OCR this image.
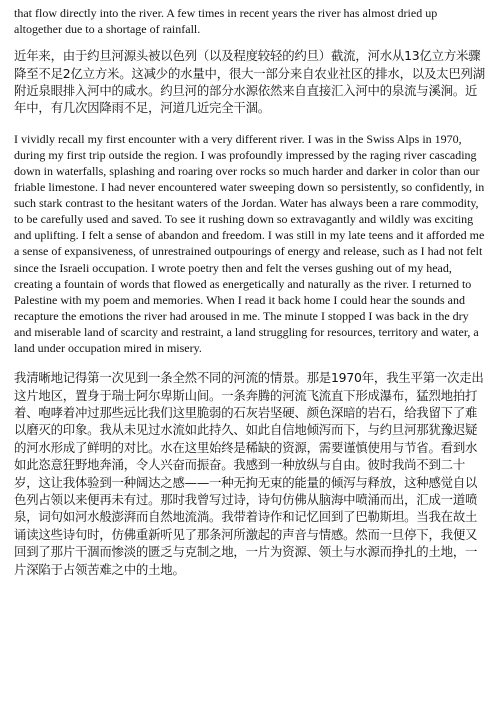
that flow directly into the river. A few times in recent years the river has almost dried up altogether due to a shortage of rainfall.

近年来，由于约旦河源头被以色列（以及程度较轻的约旦）截流，河水从13亿立方米骤降至不足2亿立方米。这减少的水量中，很大一部分来自农业社区的排水，以及太巴列湖附近泉眼排入河中的咸水。约旦河的部分水源依然来自直接汇入河中的泉流与溪涧。近年中，有几次因降雨不足，河道几近完全干涸。

I vividly recall my first encounter with a very different river. I was in the Swiss Alps in 1970, during my first trip outside the region. I was profoundly impressed by the raging river cascading down in waterfalls, splashing and roaring over rocks so much harder and darker in color than our friable limestone. I had never encountered water sweeping down so persistently, so confidently, in such stark contrast to the hesitant waters of the Jordan. Water has always been a rare commodity, to be carefully used and saved. To see it rushing down so extravagantly and wildly was exciting and uplifting. I felt a sense of abandon and freedom. I was still in my late teens and it afforded me a sense of expansiveness, of unrestrained outpourings of energy and release, such as I had not felt since the Israeli occupation. I wrote poetry then and felt the verses gushing out of my head, creating a fountain of words that flowed as energetically and naturally as the river. I returned to Palestine with my poem and memories. When I read it back home I could hear the sounds and recapture the emotions the river had aroused in me. The minute I stopped I was back in the dry and miserable land of scarcity and restraint, a land struggling for resources, territory and water, a land under occupation mired in misery.

我清晰地记得第一次见到一条全然不同的河流的情景。那是1970年，我生平第一次走出这片地区，置身于瑞士阿尔卑斯山间。一条奔腾的河流飞流直下形成瀑布，猛烈地拍打着、咆哮着冲过那些远比我们这里脆弱的石灰岩坚硬、颜色深暗的岩石，给我留下了难以磨灭的印象。我从未见过水流如此持久、如此自信地倾泻而下，与约旦河那犹豫迟疑的河水形成了鲜明的对比。水在这里始终是稀缺的资源，需要谨慎使用与节省。看到水如此恣意狂野地奔涌，令人兴奋而振奋。我感到一种放纵与自由。彼时我尚不到二十岁，这让我体验到一种阔达之感——一种无拘无束的能量的倾泻与释放，这种感觉自以色列占领以来便再未有过。那时我曾写过诗，诗句仿佛从脑海中喷涌而出，汇成一道喷泉，词句如河水般澎湃而自然地流淌。我带着诗作和记忆回到了巴勒斯坦。当我在故土诵读这些诗句时，仿佛重新听见了那条河所激起的声音与情感。然而一旦停下，我便又回到了那片干涸而惨淡的匮乏与克制之地，一片为资源、领土与水源而挣扎的土地，一片深陷于占领苦难之中的土地。
